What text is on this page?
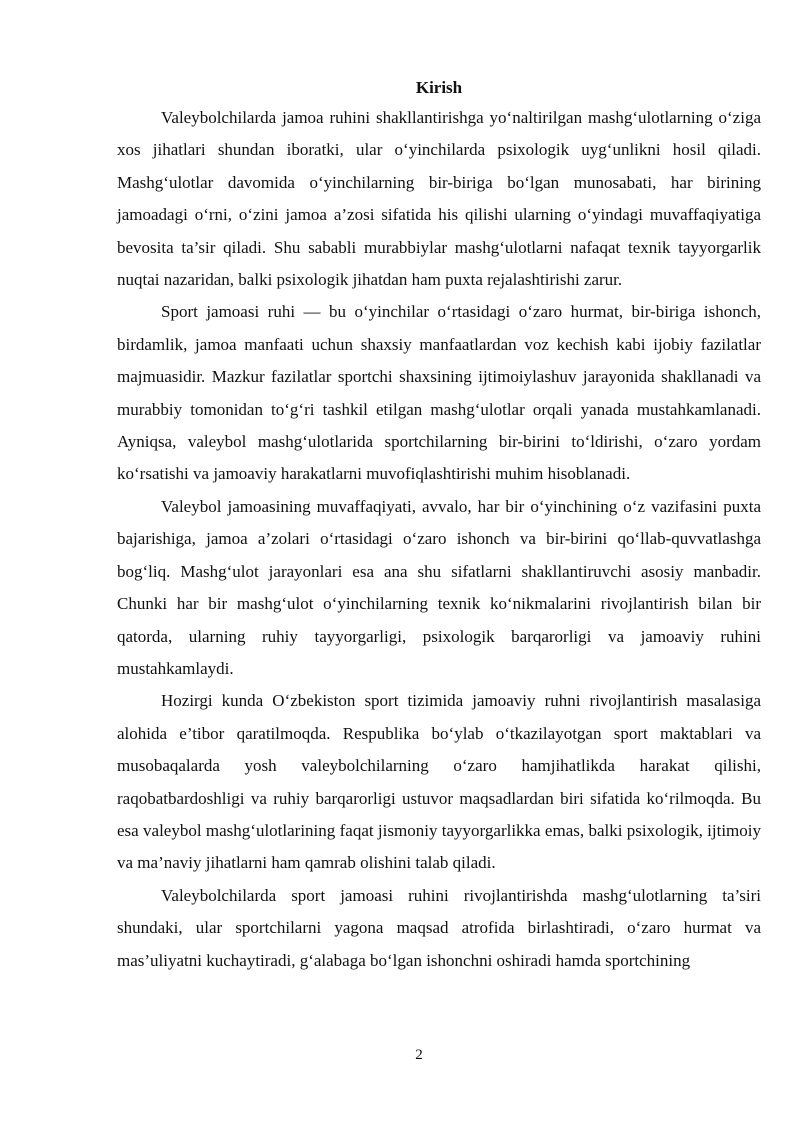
Kirish

Valeybolchilarda jamoa ruhini shakllantirishga yo‘naltirilgan mashg‘ulotlarning o‘ziga xos jihatlari shundan iboratki, ular o‘yinchilarda psixologik uyg‘unlikni hosil qiladi. Mashg‘ulotlar davomida o‘yinchilarning bir-biriga bo‘lgan munosabati, har birining jamoadagi o‘rni, o‘zini jamoa a’zosi sifatida his qilishi ularning o‘yindagi muvaffaqiyatiga bevosita ta’sir qiladi. Shu sababli murabbiylar mashg‘ulotlarni nafaqat texnik tayyorgarlik nuqtai nazaridan, balki psixologik jihatdan ham puxta rejalashtirishi zarur.

Sport jamoasi ruhi — bu o‘yinchilar o‘rtasidagi o‘zaro hurmat, bir-biriga ishonch, birdamlik, jamoa manfaati uchun shaxsiy manfaatlardan voz kechish kabi ijobiy fazilatlar majmuasidir. Mazkur fazilatlar sportchi shaxsining ijtimoiylashuv jarayonida shakllanadi va murabbiy tomonidan to‘g‘ri tashkil etilgan mashg‘ulotlar orqali yanada mustahkamlanadi. Ayniqsa, valeybol mashg‘ulotlarida sportchilarning bir-birini to‘ldirishi, o‘zaro yordam ko‘rsatishi va jamoaviy harakatlarni muvofiqlashtirishi muhim hisoblanadi.

Valeybol jamoasining muvaffaqiyati, avvalo, har bir o‘yinchining o‘z vazifasini puxta bajarishiga, jamoa a’zolari o‘rtasidagi o‘zaro ishonch va bir-birini qo‘llab-quvvatlashga bog‘liq. Mashg‘ulot jarayonlari esa ana shu sifatlarni shakllantiruvchi asosiy manbadir. Chunki har bir mashg‘ulot o‘yinchilarning texnik ko‘nikmalarini rivojlantirish bilan bir qatorda, ularning ruhiy tayyorgarligi, psixologik barqarorligi va jamoaviy ruhini mustahkamlaydi.

Hozirgi kunda O‘zbekiston sport tizimida jamoaviy ruhni rivojlantirish masalasiga alohida e’tibor qaratilmoqda. Respublika bo‘ylab o‘tkazilayotgan sport maktablari va musobaqalarda yosh valeybolchilarning o‘zaro hamjihatlikda harakat qilishi, raqobatbardoshligi va ruhiy barqarorligi ustuvor maqsadlardan biri sifatida ko‘rilmoqda. Bu esa valeybol mashg‘ulotlarining faqat jismoniy tayyorgarlikka emas, balki psixologik, ijtimoiy va ma’naviy jihatlarni ham qamrab olishini talab qiladi.

Valeybolchilarda sport jamoasi ruhini rivojlantirishda mashg‘ulotlarning ta’siri shundaki, ular sportchilarni yagona maqsad atrofida birlashtiradi, o‘zaro hurmat va mas’uliyatni kuchaytiradi, g‘alabaga bo‘lgan ishonchni oshiradi hamda sportchining

2
